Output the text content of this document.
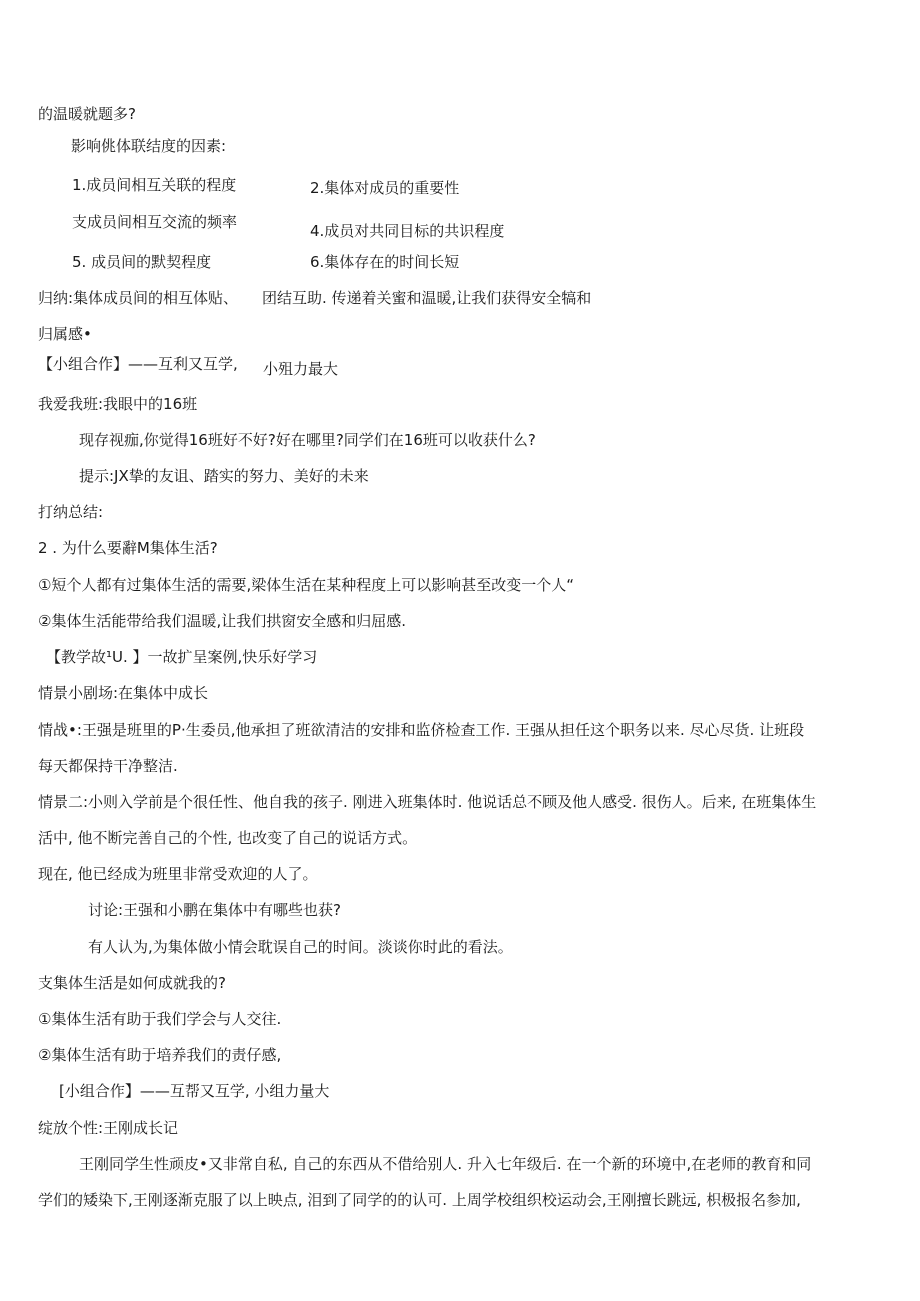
的温暖就题多?
影响佻体联结度的因素:
1.成员间相互关联的程度	2.集体对成员的重要性
支成员间相互交流的频率	4.成员对共同目标的共识程度
5. 成员间的默契程度	6.集体存在的时间长短
归纳:集体成员间的相互体贴、 团结互助. 传递着关蜜和温暖,让我们获得安全犒和
归属感•
【小组合作】——互利又互学, 小殂力最大
我爱我班:我眼中的16班
现存视痂,你觉得16班好不好?好在哪里?同学们在16班可以收获什么?
提示:JX挚的友诅、踏实的努力、美好的未来
打纳总结:
2 . 为什么要辭M集体生活?
①短个人都有过集体生活的需要,梁体生活在某种程度上可以影响甚至改变一个人“
②集体生活能带给我们温暖,让我们拱窗安全感和归屈感.
【教学故¹U. 】一故扩呈案例,快乐好学习
情景小剧场:在集体中成长
情战•:王强是班里的P·生委员,他承担了班欲清洁的安排和监侪检查工作. 王强从担任这个职务以来. 尽心尽货. 让班段
每天都保持干净整洁.
情景二:小则入学前是个很任性、他自我的孩子. 刚进入班集体时. 他说话总不顾及他人感受. 很伤人。后来, 在班集体生
活中, 他不断完善自己的个性, 也改变了自己的说话方式。
现在, 他已经成为班里非常受欢迎的人了。
讨论:王强和小鹏在集体中有哪些也获?
有人认为,为集体做小情会耽误自己的时间。淡谈你时此的看法。
支集体生活是如何成就我的?
①集体生活有助于我们学会与人交往.
②集体生活有助于培养我们的责仔感,
[小组合作】——互帮又互学, 小组力量大
绽放个性:王刚成长记
王刚同学生性顽皮•又非常自私, 自己的东西从不借给别人. 升入七年级后. 在一个新的环境中,在老师的教育和同
学们的矮染下,王刚逐渐克服了以上映点, 泪到了同学的的认可. 上周学校组织校运动会,王刚擅长跳远, 枳极报名参加,
